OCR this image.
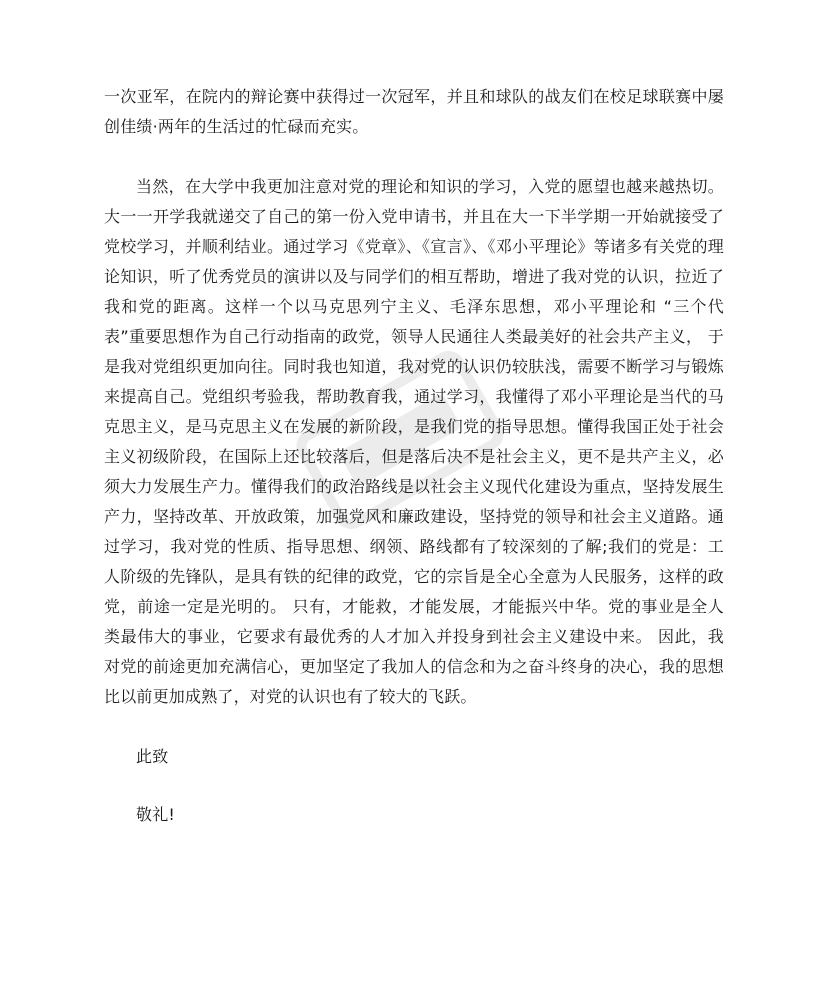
一次亚军，在院内的辩论赛中获得过一次冠军，并且和球队的战友们在校足球联赛中屡创佳绩·两年的生活过的忙碌而充实。

当然，在大学中我更加注意对党的理论和知识的学习，入党的愿望也越来越热切。大一一开学我就递交了自己的第一份入党申请书，并且在大一下半学期一开始就接受了党校学习，并顺利结业。通过学习《党章》、《宣言》、《邓小平理论》等诸多有关党的理论知识，听了优秀党员的演讲以及与同学们的相互帮助，增进了我对党的认识，拉近了我和党的距离。这样一个以马克思列宁主义、毛泽东思想，邓小平理论和 “三个代表”重要思想作为自己行动指南的政党，领导人民通往人类最美好的社会共产主义， 于是我对党组织更加向往。同时我也知道，我对党的认识仍较肤浅，需要不断学习与锻炼来提高自己。党组织考验我，帮助教育我，通过学习，我懂得了邓小平理论是当代的马克思主义，是马克思主义在发展的新阶段，是我们党的指导思想。懂得我国正处于社会主义初级阶段，在国际上还比较落后，但是落后决不是社会主义，更不是共产主义，必须大力发展生产力。懂得我们的政治路线是以社会主义现代化建设为重点，坚持发展生产力，坚持改革、开放政策，加强党风和廉政建设，坚持党的领导和社会主义道路。通过学习，我对党的性质、指导思想、纲领、路线都有了较深刻的了解;我们的党是：工人阶级的先锋队，是具有铁的纪律的政党，它的宗旨是全心全意为人民服务，这样的政党，前途一定是光明的。 只有，才能救，才能发展，才能振兴中华。党的事业是全人类最伟大的事业，它要求有最优秀的人才加入并投身到社会主义建设中来。 因此，我对党的前途更加充满信心，更加坚定了我加人的信念和为之奋斗终身的决心，我的思想比以前更加成熟了，对党的认识也有了较大的飞跃。

此致

敬礼!
